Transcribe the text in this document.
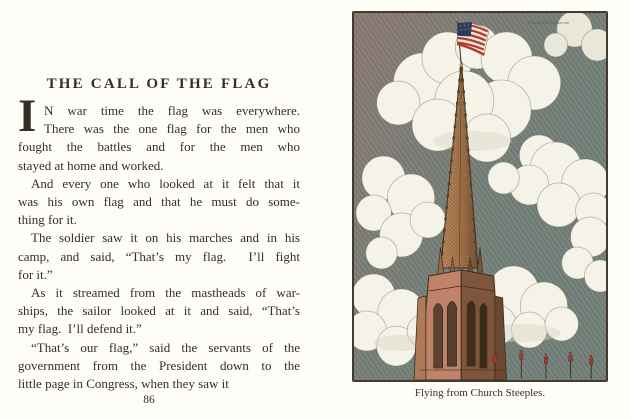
THE CALL OF THE FLAG
I N war time the flag was everywhere.
There was the one flag for the men who
fought the battles and for the men who
stayed at home and worked.
And every one who looked at it felt that it
was his own flag and that he must do some-
thing for it.
The soldier saw it on his marches and in his
camp, and said, “That’s my flag.  I’ll fight
for it.”
As it streamed from the mastheads of war-
ships, the sailor looked at it and said, “That’s
my flag.  I’ll defend it.”
“That’s our flag,” said the servants of the
government from the President down to the
little page in Congress, when they saw it
86
Elizabeth Colborne
Flying from Church Steeples.
